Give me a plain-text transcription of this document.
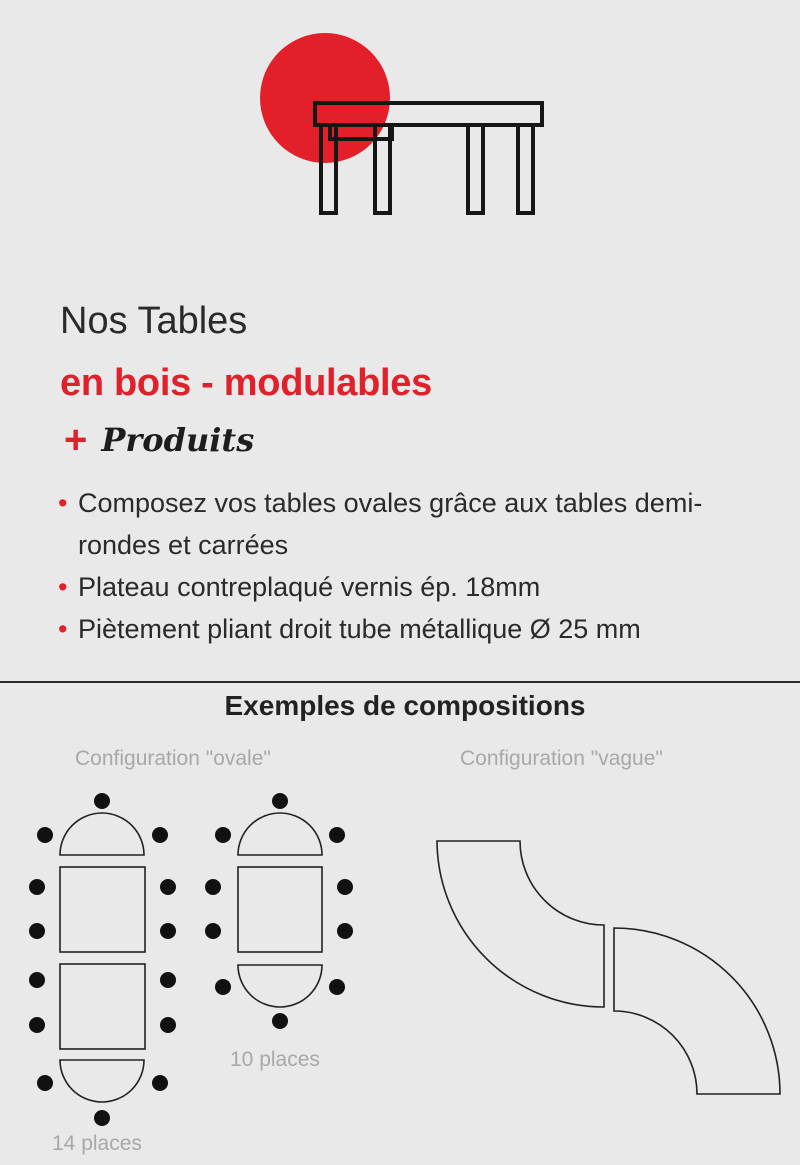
Nos Tables
en bois - modulables
+ Produits
• Composez vos tables ovales grâce aux tables demi-rondes et carrées
• Plateau contreplaqué vernis ép. 18mm
• Piètement pliant droit tube métallique Ø 25 mm
Exemples de compositions
Configuration "ovale"	Configuration "vague"
10 places
14 places
